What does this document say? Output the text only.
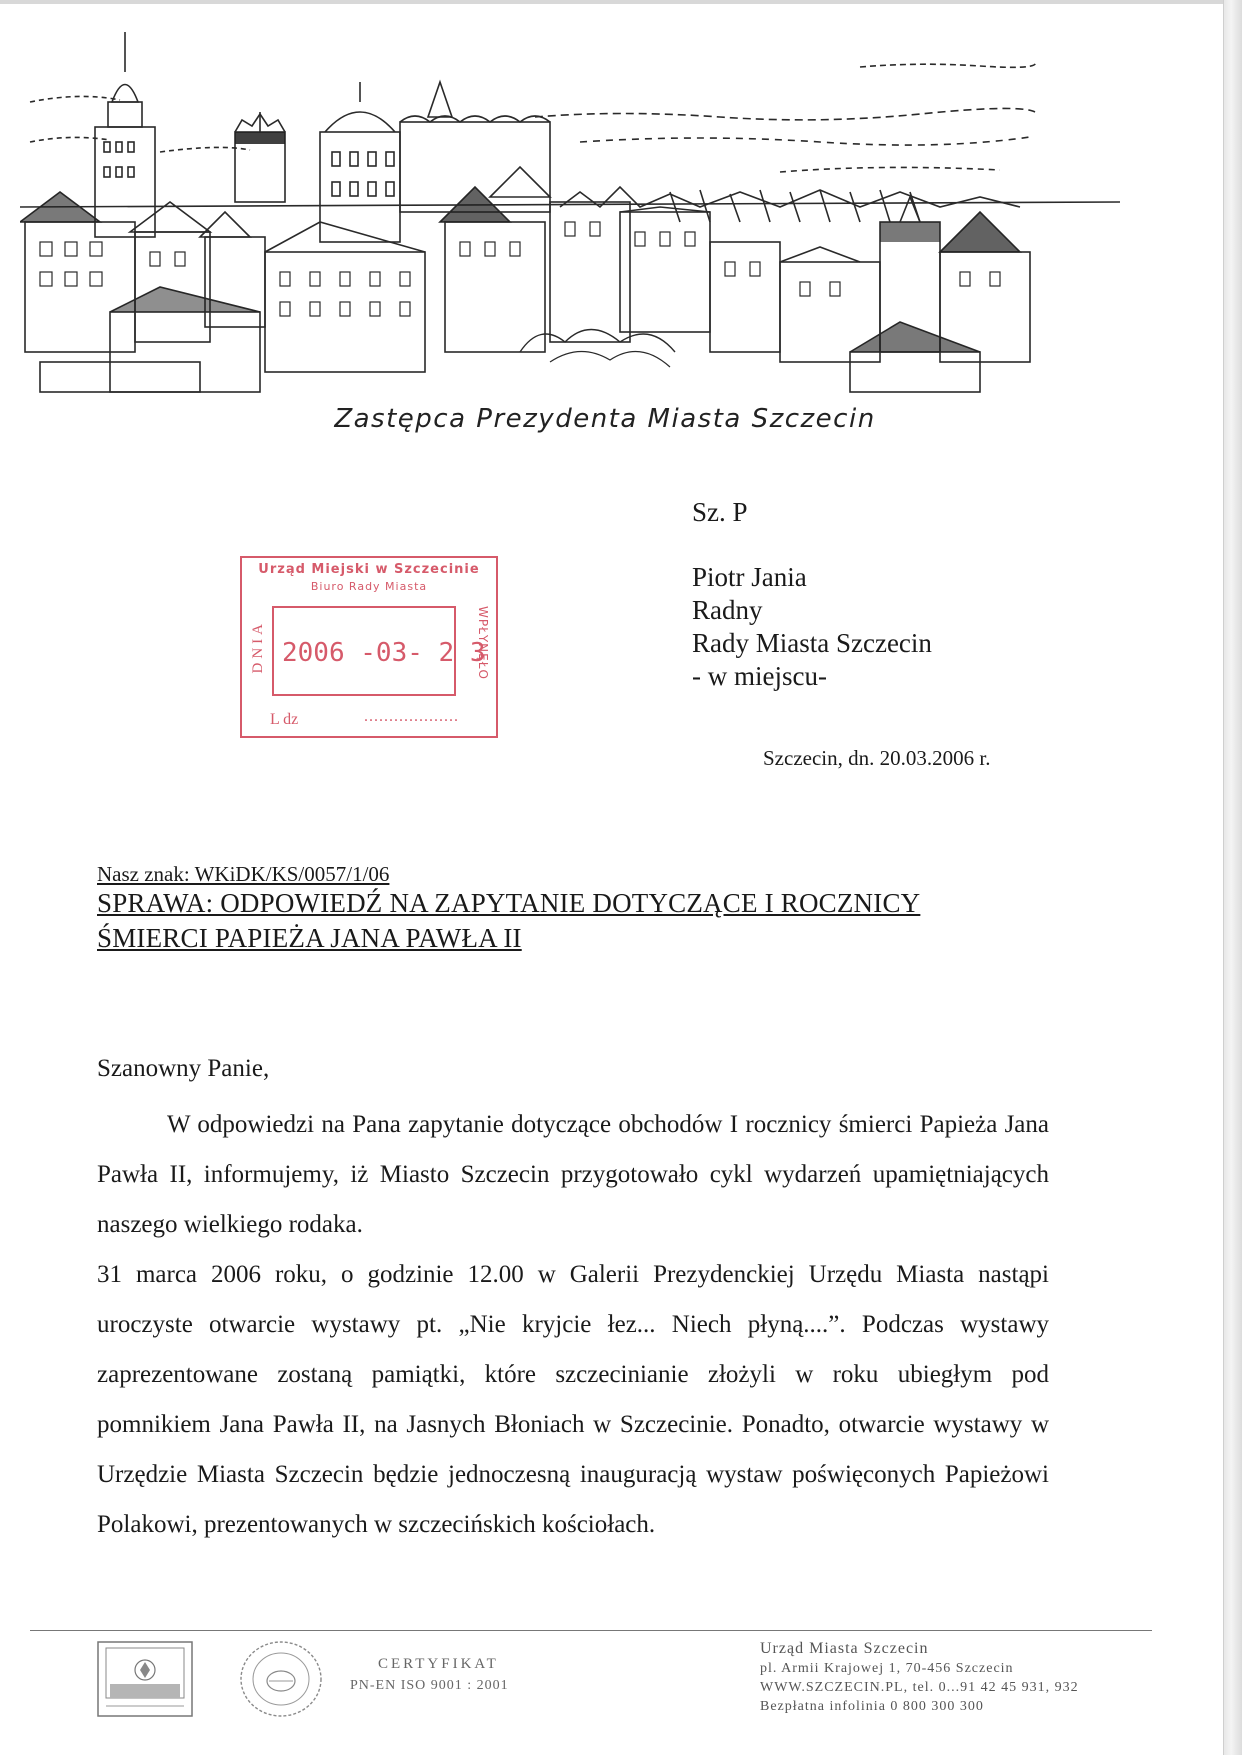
Zastępca Prezydenta Miasta Szczecin
Sz. P
Piotr Jania
Radny
Rady Miasta Szczecin
- w miejscu-
Urząd Miejski w Szczecinie
Biuro Rady Miasta
DNIA	WPŁYNĘŁO
2006 -03- 2 3
L dz	...................
Szczecin, dn. 20.03.2006 r.
Nasz znak: WKiDK/KS/0057/1/06
SPRAWA: ODPOWIEDŹ NA ZAPYTANIE DOTYCZĄCE I ROCZNICY
ŚMIERCI PAPIEŻA JANA PAWŁA II
Szanowny Panie,

W odpowiedzi na Pana zapytanie dotyczące obchodów I rocznicy śmierci Papieża Jana Pawła II, informujemy, iż Miasto Szczecin przygotowało cykl wydarzeń upamiętniających naszego wielkiego rodaka.

31 marca 2006 roku, o godzinie 12.00 w Galerii Prezydenckiej Urzędu Miasta nastąpi uroczyste otwarcie wystawy pt. „Nie kryjcie łez... Niech płyną....”. Podczas wystawy zaprezentowane zostaną pamiątki, które szczecinianie złożyli w roku ubiegłym pod pomnikiem Jana Pawła II, na Jasnych Błoniach w Szczecinie. Ponadto, otwarcie wystawy w Urzędzie Miasta Szczecin będzie jednoczesną inauguracją wystaw poświęconych Papieżowi Polakowi, prezentowanych w szczecińskich kościołach.

CERTYFIKAT
PN-EN ISO 9001 : 2001
Urząd Miasta Szczecin
pl. Armii Krajowej 1, 70-456 Szczecin
WWW.SZCZECIN.PL, tel. 0...91 42 45 931, 932
Bezpłatna infolinia 0 800 300 300
